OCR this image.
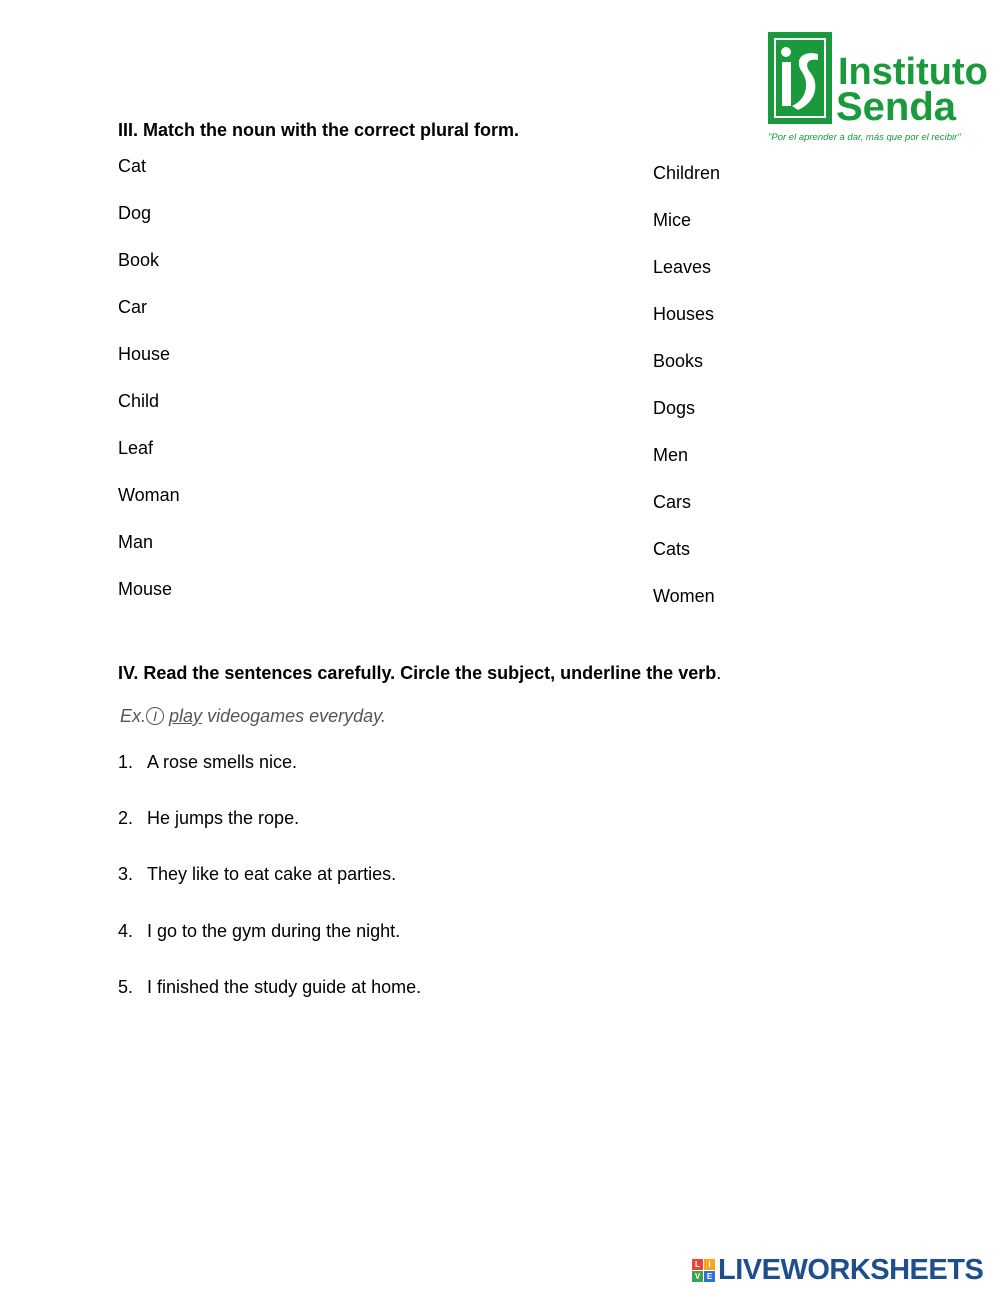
Instituto
Senda
"Por el aprender a dar, más que por el recibir"
III. Match the noun with the correct plural form.
Cat
Dog
Book
Car
House
Child
Leaf
Woman
Man
Mouse
Children
Mice
Leaves
Houses
Books
Dogs
Men
Cars
Cats
Women
IV. Read the sentences carefully. Circle the subject, underline the verb.
Ex. I play videogames everyday.
1. A rose smells nice.
2. He jumps the rope.
3. They like to eat cake at parties.
4. I go to the gym during the night.
5. I finished the study guide at home.
L	I
V E LIVEWORKSHEETS
